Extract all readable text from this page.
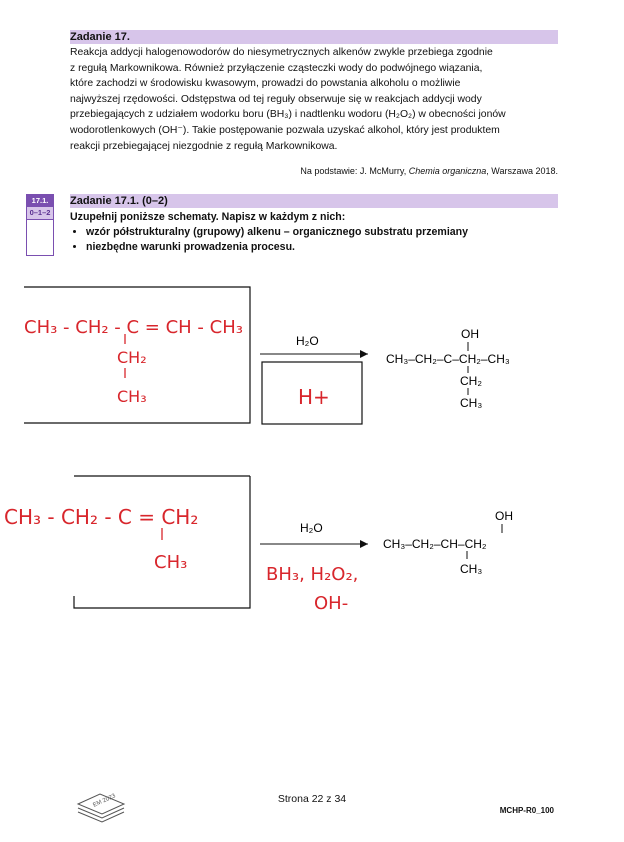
Zadanie 17.
Reakcja addycji halogenowodorów do niesymetrycznych alkenów zwykle przebiega zgodnie
z regułą Markownikowa. Również przyłączenie cząsteczki wody do podwójnego wiązania,
które zachodzi w środowisku kwasowym, prowadzi do powstania alkoholu o możliwie
najwyższej rzędowości. Odstępstwa od tej reguły obserwuje się w reakcjach addycji wody
przebiegających z udziałem wodorku boru (BH₃) i nadtlenku wodoru (H₂O₂) w obecności jonów
wodorotlenkowych (OH⁻). Takie postępowanie pozwala uzyskać alkohol, który jest produktem
reakcji przebiegającej niezgodnie z regułą Markownikowa.
Na podstawie: J. McMurry, Chemia organiczna, Warszawa 2018.
17.1.
0–1–2
Zadanie 17.1. (0–2)
Uzupełnij poniższe schematy. Napisz w każdym z nich:
• wzór półstrukturalny (grupowy) alkenu – organicznego substratu przemiany
• niezbędne warunki prowadzenia procesu.
CH₃ - CH₂ - C = CH - CH₃
CH₂
CH₃
H₂O
H+
OH
CH₃–CH₂–C–CH₂–CH₃
CH₂
CH₃
CH₃ - CH₂ - C = CH₂
CH₃
H₂O
BH₃, H₂O₂,
OH-
OH
CH₃–CH₂–CH–CH₂
CH₃
EM 2023	Strona 22 z 34
MCHP-R0_100
